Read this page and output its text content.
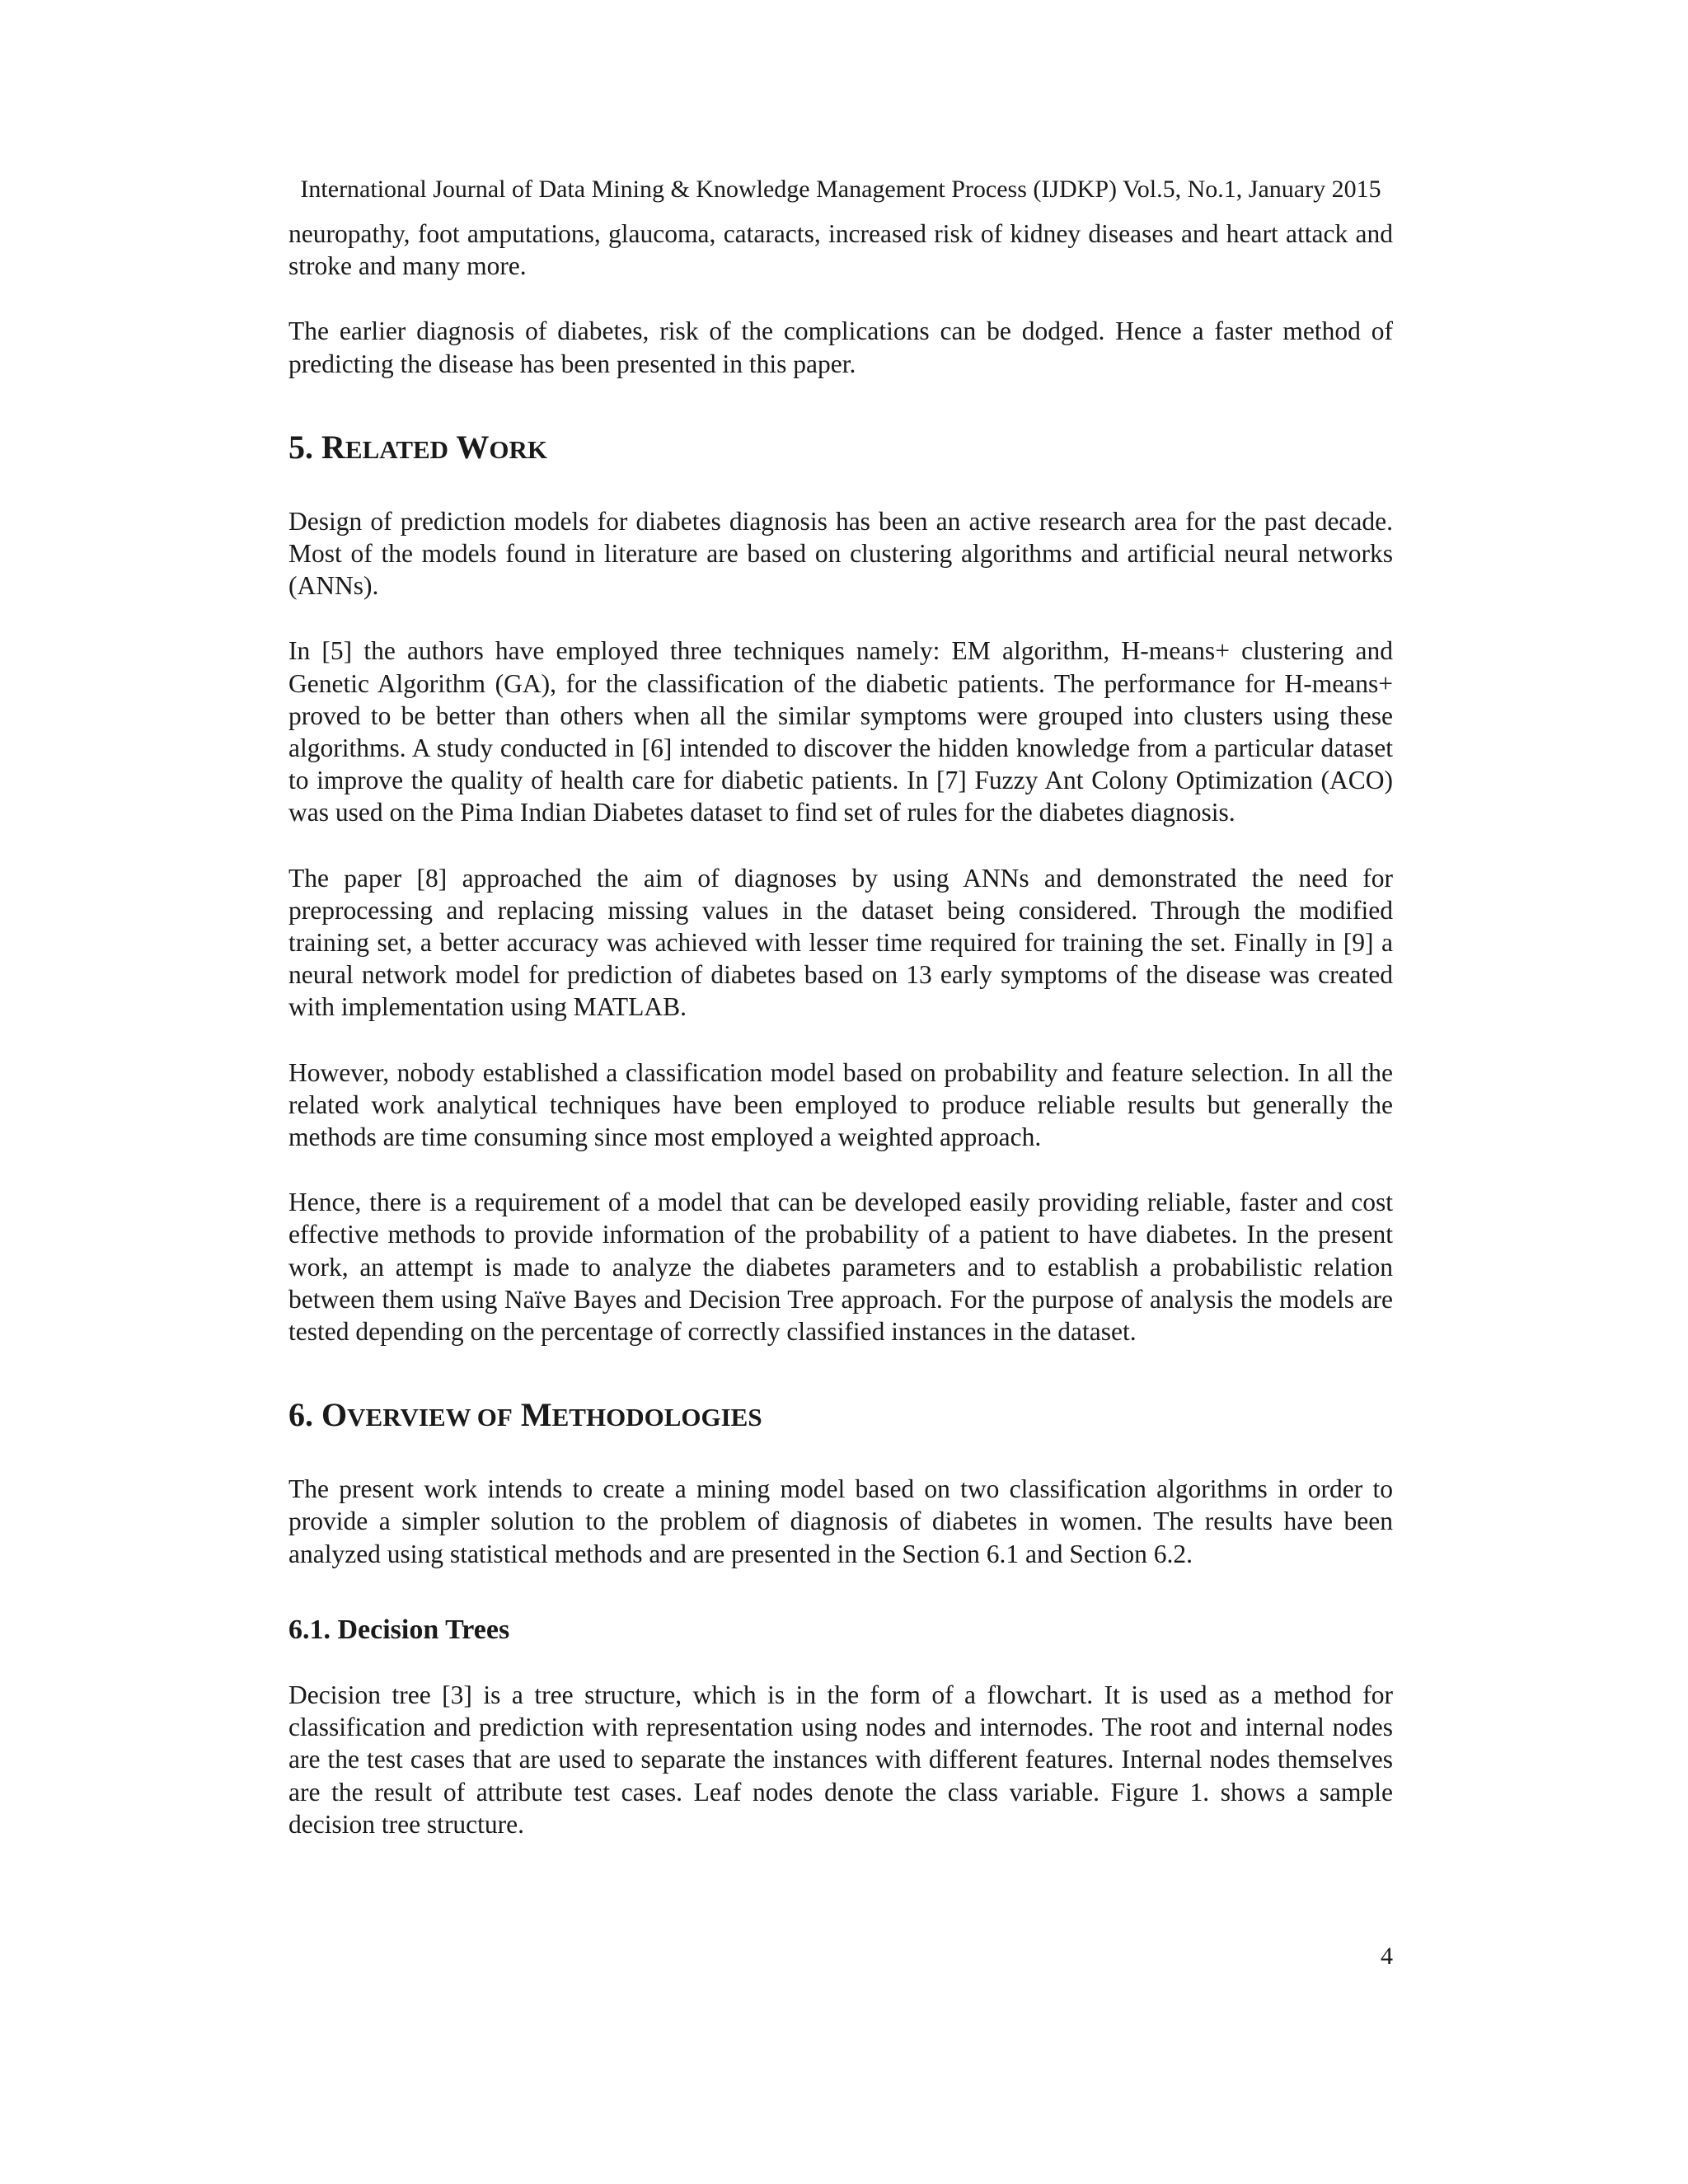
International Journal of Data Mining & Knowledge Management Process (IJDKP) Vol.5, No.1, January 2015

neuropathy, foot amputations, glaucoma, cataracts, increased risk of kidney diseases and heart attack and stroke and many more.

The earlier diagnosis of diabetes, risk of the complications can be dodged. Hence a faster method of predicting the disease has been presented in this paper.

5. RELATED WORK

Design of prediction models for diabetes diagnosis has been an active research area for the past decade. Most of the models found in literature are based on clustering algorithms and artificial neural networks (ANNs).

In [5] the authors have employed three techniques namely: EM algorithm, H-means+ clustering and Genetic Algorithm (GA), for the classification of the diabetic patients. The performance for H-means+ proved to be better than others when all the similar symptoms were grouped into clusters using these algorithms. A study conducted in [6] intended to discover the hidden knowledge from a particular dataset to improve the quality of health care for diabetic patients. In [7] Fuzzy Ant Colony Optimization (ACO) was used on the Pima Indian Diabetes dataset to find set of rules for the diabetes diagnosis.

The paper [8] approached the aim of diagnoses by using ANNs and demonstrated the need for preprocessing and replacing missing values in the dataset being considered. Through the modified training set, a better accuracy was achieved with lesser time required for training the set. Finally in [9] a neural network model for prediction of diabetes based on 13 early symptoms of the disease was created with implementation using MATLAB.

However, nobody established a classification model based on probability and feature selection. In all the related work analytical techniques have been employed to produce reliable results but generally the methods are time consuming since most employed a weighted approach.

Hence, there is a requirement of a model that can be developed easily providing reliable, faster and cost effective methods to provide information of the probability of a patient to have diabetes. In the present work, an attempt is made to analyze the diabetes parameters and to establish a probabilistic relation between them using Naïve Bayes and Decision Tree approach. For the purpose of analysis the models are tested depending on the percentage of correctly classified instances in the dataset.

6. OVERVIEW OF METHODOLOGIES

The present work intends to create a mining model based on two classification algorithms in order to provide a simpler solution to the problem of diagnosis of diabetes in women. The results have been analyzed using statistical methods and are presented in the Section 6.1 and Section 6.2.

6.1. Decision Trees

Decision tree [3] is a tree structure, which is in the form of a flowchart. It is used as a method for classification and prediction with representation using nodes and internodes. The root and internal nodes are the test cases that are used to separate the instances with different features. Internal nodes themselves are the result of attribute test cases. Leaf nodes denote the class variable. Figure 1. shows a sample decision tree structure.

4
